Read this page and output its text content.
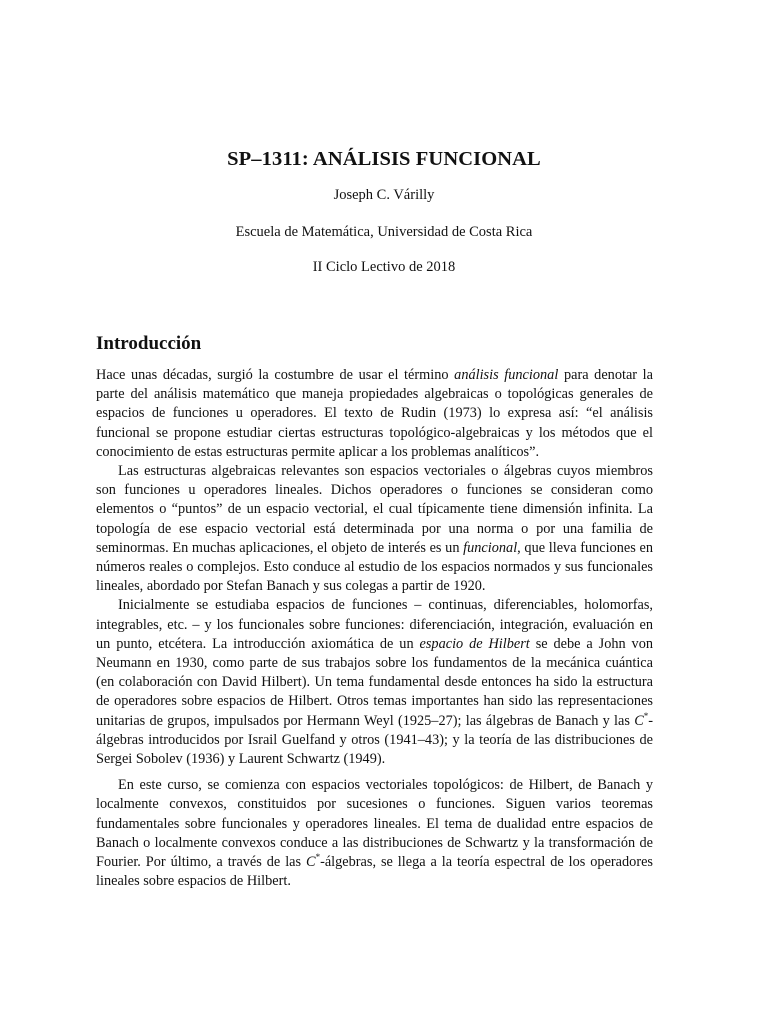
SP–1311: ANÁLISIS FUNCIONAL
Joseph C. Várilly
Escuela de Matemática, Universidad de Costa Rica
II Ciclo Lectivo de 2018
Introducción

Hace unas décadas, surgió la costumbre de usar el término análisis funcional para denotar la parte del análisis matemático que maneja propiedades algebraicas o topológicas generales de espacios de funciones u operadores. El texto de Rudin (1973) lo expresa así: “el análisis funcional se propone estudiar ciertas estructuras topológico-algebraicas y los métodos que el conocimiento de estas estructuras permite aplicar a los problemas analíticos”.

Las estructuras algebraicas relevantes son espacios vectoriales o álgebras cuyos miembros son funciones u operadores lineales. Dichos operadores o funciones se consideran como elementos o “puntos” de un espacio vectorial, el cual típicamente tiene dimensión infinita. La topología de ese espacio vectorial está determinada por una norma o por una familia de seminormas. En muchas aplicaciones, el objeto de interés es un funcional, que lleva funciones en números reales o complejos. Esto conduce al estudio de los espacios normados y sus funcionales lineales, abordado por Stefan Banach y sus colegas a partir de 1920.

Inicialmente se estudiaba espacios de funciones – continuas, diferenciables, holomorfas, integrables, etc. – y los funcionales sobre funciones: diferenciación, integración, evaluación en un punto, etcétera. La introducción axiomática de un espacio de Hilbert se debe a John von Neumann en 1930, como parte de sus trabajos sobre los fundamentos de la mecánica cuántica (en colaboración con David Hilbert). Un tema fundamental desde entonces ha sido la estructura de operadores sobre espacios de Hilbert. Otros temas importantes han sido las representaciones unitarias de grupos, impulsados por Hermann Weyl (1925–27); las álgebras de Banach y las C*-álgebras introducidos por Israil Guelfand y otros (1941–43); y la teoría de las distribuciones de Sergei Sobolev (1936) y Laurent Schwartz (1949).

En este curso, se comienza con espacios vectoriales topológicos: de Hilbert, de Banach y localmente convexos, constituidos por sucesiones o funciones. Siguen varios teoremas fundamentales sobre funcionales y operadores lineales. El tema de dualidad entre espacios de Banach o localmente convexos conduce a las distribuciones de Schwartz y la transformación de Fourier. Por último, a través de las C*-álgebras, se llega a la teoría espectral de los operadores lineales sobre espacios de Hilbert.
